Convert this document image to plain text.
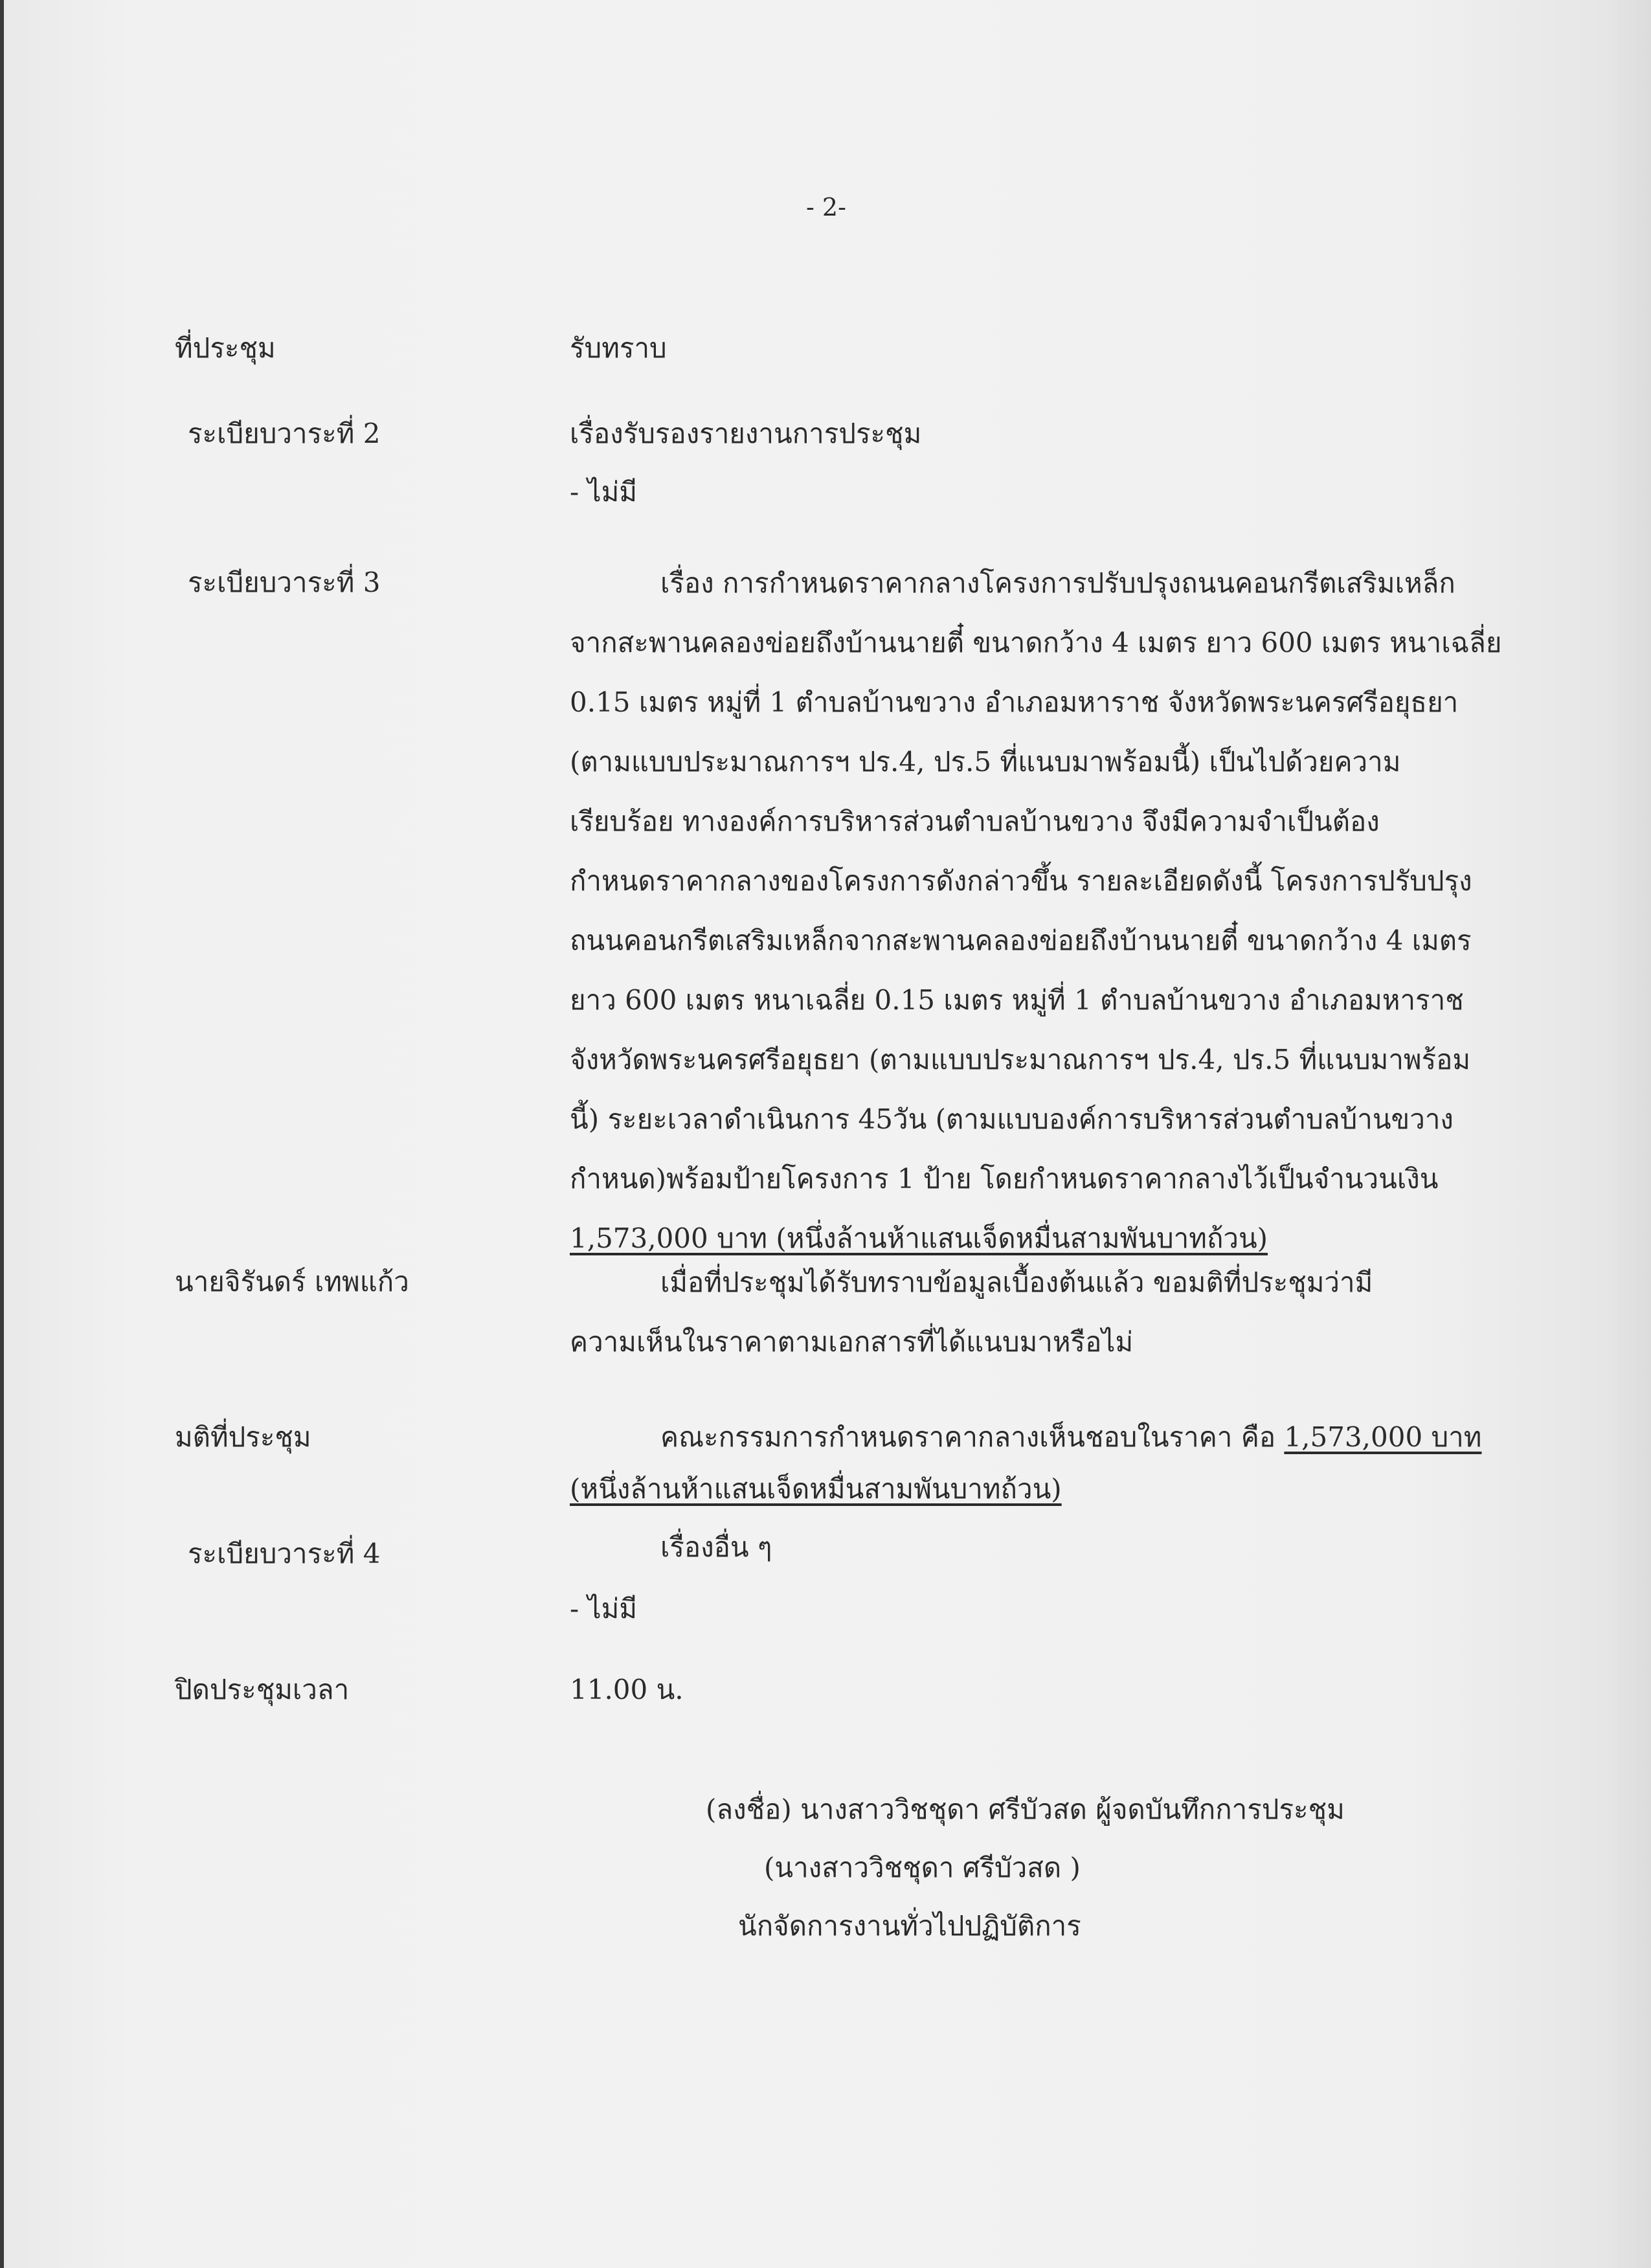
- 2-
ที่ประชุม	รับทราบ
ระเบียบวาระที่ 2	เรื่องรับรองรายงานการประชุม
- ไม่มี
ระเบียบวาระที่ 3	เรื่อง การกำหนดราคากลางโครงการปรับปรุงถนนคอนกรีตเสริมเหล็ก
จากสะพานคลองข่อยถึงบ้านนายตี๋ ขนาดกว้าง 4 เมตร ยาว 600 เมตร หนาเฉลี่ย
0.15 เมตร หมู่ที่ 1 ตำบลบ้านขวาง อำเภอมหาราช จังหวัดพระนครศรีอยุธยา
(ตามแบบประมาณการฯ ปร.4, ปร.5 ที่แนบมาพร้อมนี้) เป็นไปด้วยความ
เรียบร้อย ทางองค์การบริหารส่วนตำบลบ้านขวาง จึงมีความจำเป็นต้อง
กำหนดราคากลางของโครงการดังกล่าวขึ้น รายละเอียดดังนี้ โครงการปรับปรุง
ถนนคอนกรีตเสริมเหล็กจากสะพานคลองข่อยถึงบ้านนายตี๋ ขนาดกว้าง 4 เมตร
ยาว 600 เมตร หนาเฉลี่ย 0.15 เมตร หมู่ที่ 1 ตำบลบ้านขวาง อำเภอมหาราช
จังหวัดพระนครศรีอยุธยา (ตามแบบประมาณการฯ ปร.4, ปร.5 ที่แนบมาพร้อม
นี้) ระยะเวลาดำเนินการ 45วัน (ตามแบบองค์การบริหารส่วนตำบลบ้านขวาง
กำหนด)พร้อมป้ายโครงการ 1 ป้าย โดยกำหนดราคากลางไว้เป็นจำนวนเงิน
1,573,000 บาท (หนึ่งล้านห้าแสนเจ็ดหมื่นสามพันบาทถ้วน)
นายจิรันดร์ เทพแก้ว	เมื่อที่ประชุมได้รับทราบข้อมูลเบื้องต้นแล้ว ขอมติที่ประชุมว่ามี
ความเห็นในราคาตามเอกสารที่ได้แนบมาหรือไม่
มติที่ประชุม	คณะกรรมการกำหนดราคากลางเห็นชอบในราคา คือ 1,573,000 บาท
(หนึ่งล้านห้าแสนเจ็ดหมื่นสามพันบาทถ้วน)
ระเบียบวาระที่ 4	เรื่องอื่น ๆ
- ไม่มี
ปิดประชุมเวลา	11.00 น.
(ลงชื่อ) นางสาววิชชุดา ศรีบัวสด ผู้จดบันทึกการประชุม
(นางสาววิชชุดา ศรีบัวสด )
นักจัดการงานทั่วไปปฏิบัติการ
